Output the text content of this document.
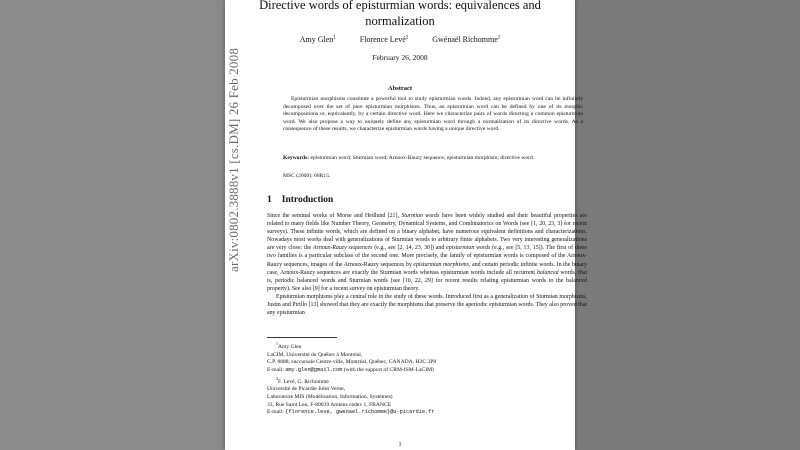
Directive words of episturmian words: equivalences and
normalization
Amy Glen$^1$	Florence Levé$^2$	Gwénaël Richomme$^2$
February 26, 2008
Abstract
Episturmian morphisms constitute a powerful tool to study episturmian words. Indeed, any episturmian word can be infinitely decomposed over the set of pure episturmian morphisms. Thus, an episturmian word can be defined by one of its morphic decompositions or, equivalently, by a certain directive word. Here we characterize pairs of words directing a common episturmian word. We also propose a way to uniquely define any episturmian word through a normalization of its directive words. As a consequence of these results, we characterize episturmian words having a unique directive word.
Keywords: episturmian word; Sturmian word; Arnoux-Rauzy sequence; episturmian morphism; directive word.
MSC (2000): 68R15.
1 Introduction

Since the seminal works of Morse and Hedlund [21], Sturmian words have been widely studied and their beautiful properties are related to many fields like Number Theory, Geometry, Dynamical Systems, and Combinatorics on Words (see [1, 20, 23, 3] for recent surveys). These infinite words, which are defined on a binary alphabet, have numerous equivalent definitions and characterizations. Nowadays most works deal with generalizations of Sturmian words to arbitrary finite alphabets. Two very interesting generalizations are very close: the Arnoux-Rauzy sequences (e.g., see [2, 14, 23, 30]) and episturmian words (e.g., see [5, 13, 15]). The first of these two families is a particular subclass of the second one. More precisely, the family of episturmian words is composed of the Arnoux-Rauzy sequences, images of the Arnoux-Rauzy sequences by episturmian morphisms, and certain periodic infinite words. In the binary case, Arnoux-Rauzy sequences are exactly the Sturmian words whereas episturmian words include all recurrent balanced words, that is, periodic balanced words and Sturmian words (see [10, 22, 29] for recent results relating episturmian words to the balanced property). See also [9] for a recent survey on episturmian theory.

Episturmian morphisms play a central role in the study of these words. Introduced first as a generalization of Sturmian morphisms, Justin and Pirillo [13] showed that they are exactly the morphisms that preserve the aperiodic episturmian words. They also proved that any episturmian

$^1$Amy Glen
LaCIM, Université du Québec à Montréal,
C.P. 8888, succursale Centre-ville, Montréal, Québec, CANADA, H3C 3P8
E-mail: amy.glen@gmail.com (with the support of CRM-ISM-LaCIM)
$^2$F. Levé, G. Richomme
Université de Picardie Jules Verne,
Laboratoire MIS (Modélisation, Information, Systèmes)
33, Rue Saint Leu, F-80039 Amiens cedex 1, FRANCE
E-mail: {florence.leve, gwenael.richomme}@u-picardie.fr
1
arXiv:0802.3888v1 [cs.DM] 26 Feb 2008
